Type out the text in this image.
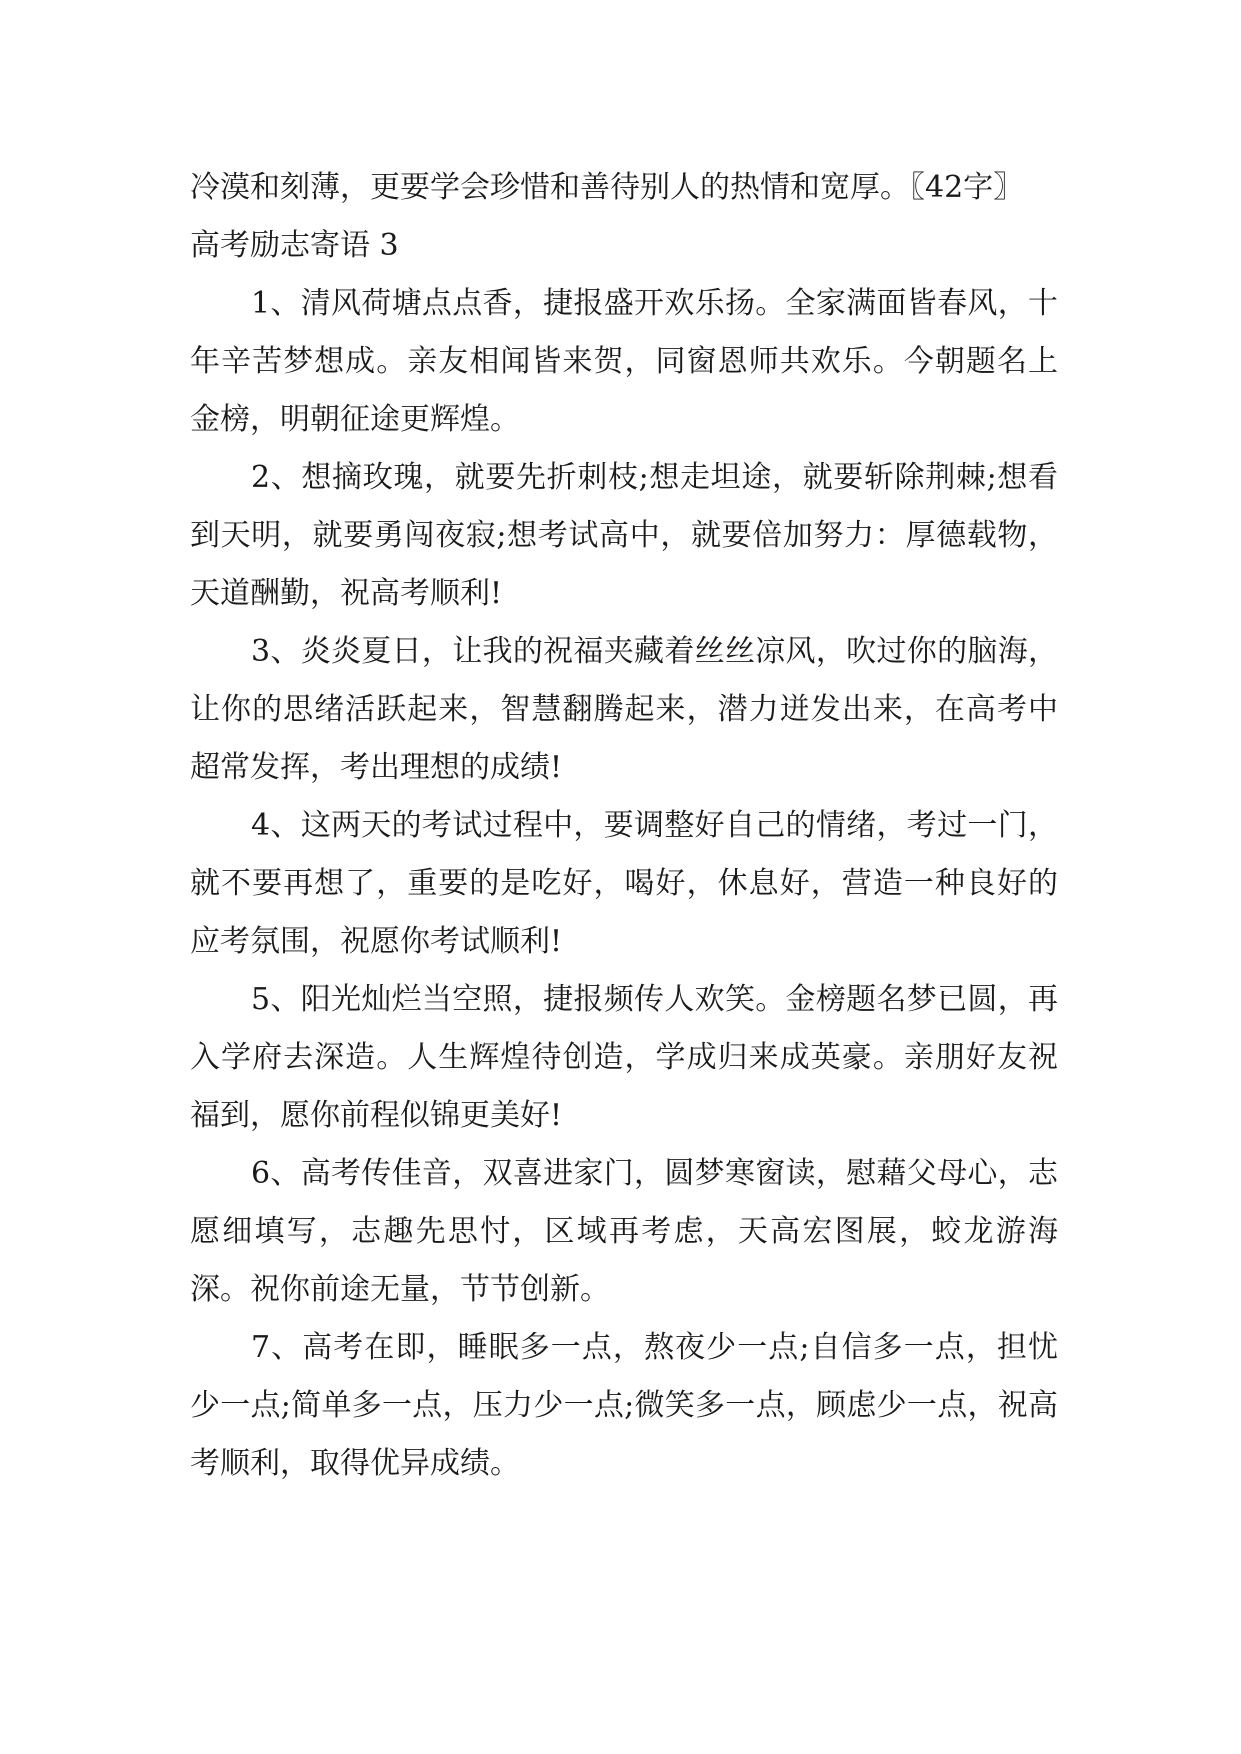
冷漠和刻薄，更要学会珍惜和善待别人的热情和宽厚。〖42字〗

高考励志寄语 3

1、清风荷塘点点香，捷报盛开欢乐扬。全家满面皆春风，十年辛苦梦想成。亲友相闻皆来贺，同窗恩师共欢乐。今朝题名上金榜，明朝征途更辉煌。

2、想摘玫瑰，就要先折刺枝;想走坦途，就要斩除荆棘;想看到天明，就要勇闯夜寂;想考试高中，就要倍加努力：厚德载物，天道酬勤，祝高考顺利!

3、炎炎夏日，让我的祝福夹藏着丝丝凉风，吹过你的脑海，让你的思绪活跃起来，智慧翻腾起来，潜力迸发出来，在高考中超常发挥，考出理想的成绩!

4、这两天的考试过程中，要调整好自己的情绪，考过一门，就不要再想了，重要的是吃好，喝好，休息好，营造一种良好的应考氛围，祝愿你考试顺利!

5、阳光灿烂当空照，捷报频传人欢笑。金榜题名梦已圆，再入学府去深造。人生辉煌待创造，学成归来成英豪。亲朋好友祝福到，愿你前程似锦更美好!

6、高考传佳音，双喜进家门，圆梦寒窗读，慰藉父母心，志愿细填写，志趣先思忖，区域再考虑，天高宏图展，蛟龙游海深。祝你前途无量，节节创新。

7、高考在即，睡眠多一点，熬夜少一点;自信多一点，担忧少一点;简单多一点，压力少一点;微笑多一点，顾虑少一点，祝高考顺利，取得优异成绩。
